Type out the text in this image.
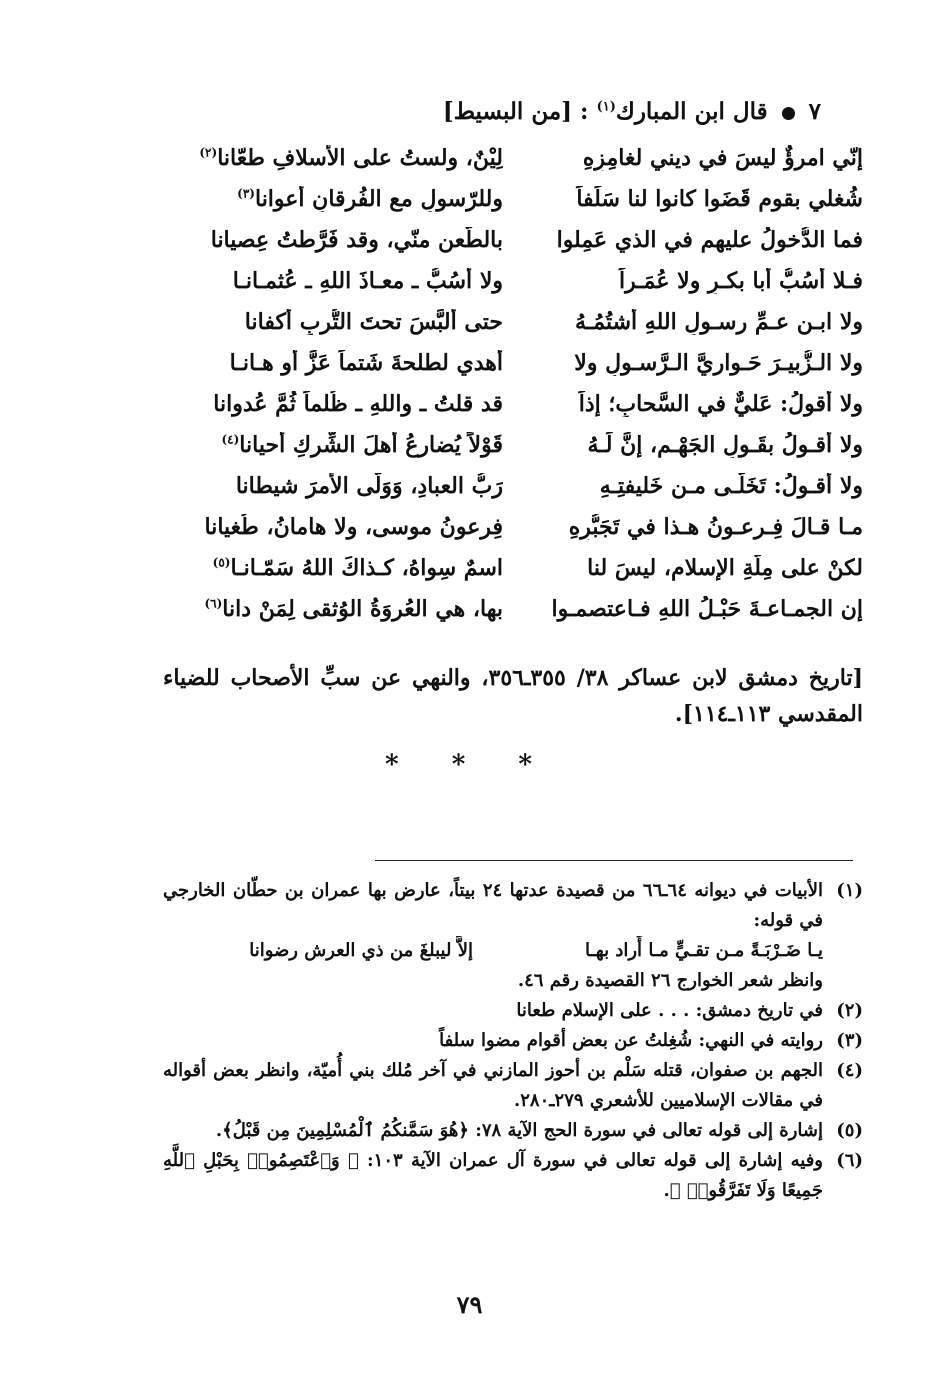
٧  قال ابن المبارك$^{(١)}$ : [من البسيط]
إنّي امرؤٌ ليسَ في ديني لغامِزِهِ
لِيْنٌ، ولستُ على الأسلافِ طعّانا$^{(٢)}$
شُغلي بقومٍ قَضَوا كانوا لنا سَلَفاً
وللرّسولِ مع الفُرقانِ أَعوانا$^{(٣)}$
فما الدُّخولُ عليهم في الذي عَمِلوا
بالطَّعنِ منّي، وقد فَرَّطتُ عِصيانا
فـلا أَسُبُّ أَبا بكـرٍ ولا عُمَـراً
ولا أَسُبُّ ـ معـاذَ اللهِ ـ عُثمـانـا
ولا ابـن عـمِّ رسـولِ اللهِ أَشتُمُـهُ
حتى أُلبَّسَ تحتَ التُّربِ أَكفانا
ولا الـزُّبيـرَ حَـواريَّ الـرَّسـولِ ولا
أُهدي لطلحةَ شَتماً عَزَّ أَو هـانـا
ولا أَقولُ: عَليٌّ في السَّحابِ؛ إذاً
قد قلتُ ـ واللهِ ـ ظُلماً ثُمَّ عُدوانا
ولا أَقـولُ بقَـولِ الجَهْـمِ، إنَّ لَـهُ
قَوْلاً يُضارعُ أَهلَ الشِّركِ أَحيانا$^{(٤)}$
ولا أَقـولُ: تَخَلّـى مـن خَليفتِـهِ
رَبُّ العبادِ، وَوَلّى الأمرَ شيطانا
مـا قـالَ فِـرعـونُ هـذا في تَجَبُّرِهِ
فِرعونُ موسى، ولا هامانُ، طُغيانا
لكنْ على مِلَّةِ الإِسلامِ، ليسَ لنا
اسمٌ سِواهُ، كـذاكَ اللهُ سَمّـانـا$^{(٥)}$
إن الجمـاعـةَ حَبْـلُ اللهِ فـاعتصمـوا
بها، هي العُروَةُ الوُثقى لِمَنْ دانا$^{(٦)}$
[تاريخ دمشق لابن عساكر ٣٨/ ٣٥٥ـ٣٥٦، والنهي عن سبِّ الأصحاب للضياء المقدسي ١١٣ـ١١٤].
* * *
(١)
الأبيات في ديوانه ٦٤ـ٦٦ من قصيدة عدتها ٢٤ بيتاً، عارض بها عمران بن حطّان الخارجي في قوله:
يـا ضَـرْبَـةً مـن تقـيٍّ مـا أَراد بهـا
إلاَّ ليبلغَ من ذي العرش رضوانا
وانظر شعر الخوارج ٢٦ القصيدة رقم ٤٦.
(٢)
في تاريخ دمشق: . . . على الإسلام طعانا
(٣)
روايته في النهي: شُغِلتُ عن بعض أقوام مضوا سلفاً
(٤)
الجهم بن صفوان، قتله سَلْم بن أحوز المازني في آخر مُلك بني أُميّة، وانظر بعض أقواله في مقالات الإسلاميين للأشعري ٢٧٩ـ٢٨٠.
(٥)
إشارة إلى قوله تعالى في سورة الحج الآية ٧٨: ﴿هُوَ سَمَّنكُمُ ٱلْمُسْلِمِينَ مِن قَبْلُ﴾.
(٦)
وفيه إشارة إلى قوله تعالى في سورة آل عمران الآية ١٠٣: ﴿ وَٱعْتَصِمُوا۟ بِحَبْلِ ٱللَّهِ جَمِيعًا وَلَا تَفَرَّقُوا۟ ﴾.
٧٩
